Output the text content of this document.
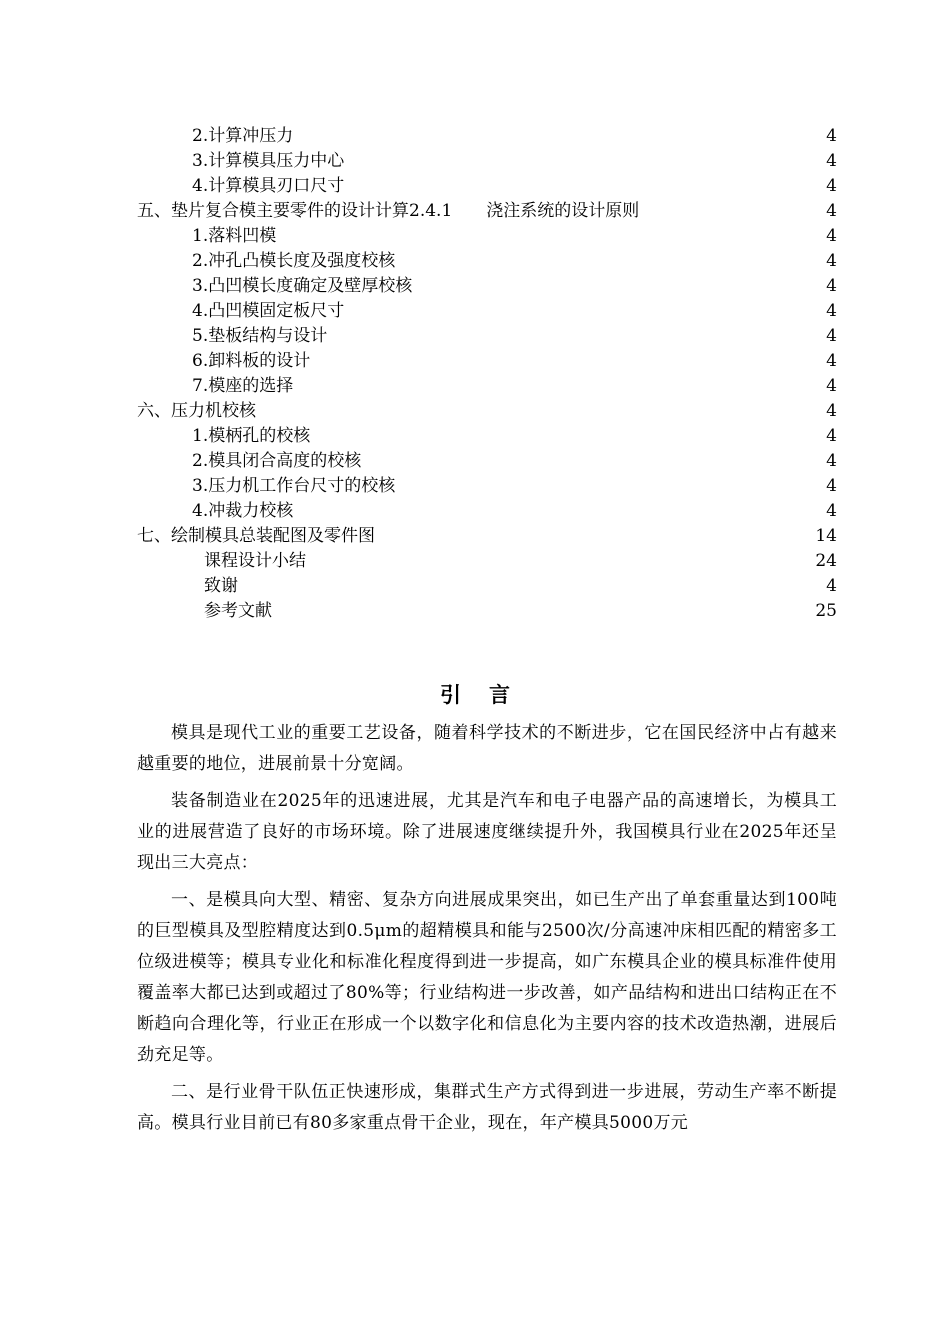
2.计算冲压力	4
3.计算模具压力中心	4
4.计算模具刃口尺寸	4
五、垫片复合模主要零件的设计计算2.4.1　　浇注系统的设计原则	4
1.落料凹模	4
2.冲孔凸模长度及强度校核	4
3.凸凹模长度确定及壁厚校核	4
4.凸凹模固定板尺寸	4
5.垫板结构与设计	4
6.卸料板的设计	4
7.模座的选择	4
六、压力机校核	4
1.模柄孔的校核	4
2.模具闭合高度的校核	4
3.压力机工作台尺寸的校核	4
4.冲裁力校核	4
七、绘制模具总装配图及零件图	14
课程设计小结	24
致谢	4
参考文献	25
引 言

模具是现代工业的重要工艺设备，随着科学技术的不断进步，它在国民经济中占有越来越重要的地位，进展前景十分宽阔。

装备制造业在2025年的迅速进展，尤其是汽车和电子电器产品的高速增长，为模具工业的进展营造了良好的市场环境。除了进展速度继续提升外，我国模具行业在2025年还呈现出三大亮点：

一、是模具向大型、精密、复杂方向进展成果突出，如已生产出了单套重量达到100吨的巨型模具及型腔精度达到0.5μm的超精模具和能与2500次/分高速冲床相匹配的精密多工位级进模等；模具专业化和标准化程度得到进一步提高，如广东模具企业的模具标准件使用覆盖率大都已达到或超过了80%等；行业结构进一步改善，如产品结构和进出口结构正在不断趋向合理化等，行业正在形成一个以数字化和信息化为主要内容的技术改造热潮，进展后劲充足等。

二、是行业骨干队伍正快速形成，集群式生产方式得到进一步进展，劳动生产率不断提高。模具行业目前已有80多家重点骨干企业，现在，年产模具5000万元
